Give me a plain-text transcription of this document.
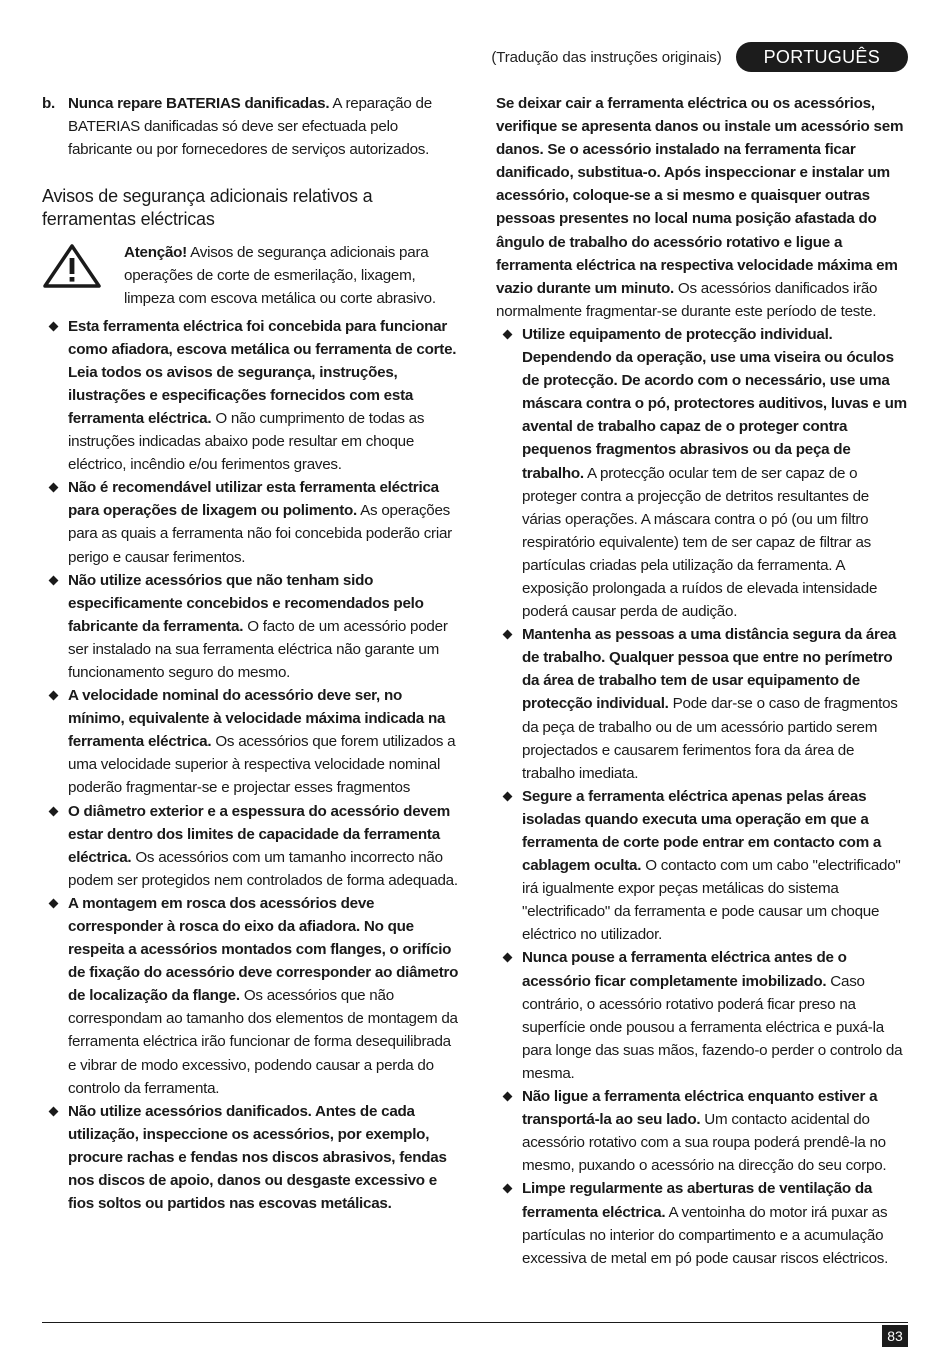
(Tradução das instruções originais)	PORTUGUÊS
b. Nunca repare BATERIAS danificadas. A reparação de BATERIAS danificadas só deve ser efectuada pelo fabricante ou por fornecedores de serviços autorizados.
Avisos de segurança adicionais relativos a ferramentas eléctricas
Atenção! Avisos de segurança adicionais para operações de corte de esmerilação, lixagem, limpeza com escova metálica ou corte abrasivo.
Esta ferramenta eléctrica foi concebida para funcionar como afiadora, escova metálica ou ferramenta de corte. Leia todos os avisos de segurança, instruções, ilustrações e especificações fornecidos com esta ferramenta eléctrica. O não cumprimento de todas as instruções indicadas abaixo pode resultar em choque eléctrico, incêndio e/ou ferimentos graves.
Não é recomendável utilizar esta ferramenta eléctrica para operações de lixagem ou polimento. As operações para as quais a ferramenta não foi concebida poderão criar perigo e causar ferimentos.
Não utilize acessórios que não tenham sido especificamente concebidos e recomendados pelo fabricante da ferramenta. O facto de um acessório poder ser instalado na sua ferramenta eléctrica não garante um funcionamento seguro do mesmo.
A velocidade nominal do acessório deve ser, no mínimo, equivalente à velocidade máxima indicada na ferramenta eléctrica. Os acessórios que forem utilizados a uma velocidade superior à respectiva velocidade nominal poderão fragmentar-se e projectar esses fragmentos
O diâmetro exterior e a espessura do acessório devem estar dentro dos limites de capacidade da ferramenta eléctrica. Os acessórios com um tamanho incorrecto não podem ser protegidos nem controlados de forma adequada.
A montagem em rosca dos acessórios deve corresponder à rosca do eixo da afiadora. No que respeita a acessórios montados com flanges, o orifício de fixação do acessório deve corresponder ao diâmetro de localização da flange. Os acessórios que não correspondam ao tamanho dos elementos de montagem da ferramenta eléctrica irão funcionar de forma desequilibrada e vibrar de modo excessivo, podendo causar a perda do controlo da ferramenta.
Não utilize acessórios danificados. Antes de cada utilização, inspeccione os acessórios, por exemplo, procure rachas e fendas nos discos abrasivos, fendas nos discos de apoio, danos ou desgaste excessivo e fios soltos ou partidos nas escovas metálicas.
Se deixar cair a ferramenta eléctrica ou os acessórios, verifique se apresenta danos ou instale um acessório sem danos. Se o acessório instalado na ferramenta ficar danificado, substitua-o. Após inspeccionar e instalar um acessório, coloque-se a si mesmo e quaisquer outras pessoas presentes no local numa posição afastada do ângulo de trabalho do acessório rotativo e ligue a ferramenta eléctrica na respectiva velocidade máxima em vazio durante um minuto. Os acessórios danificados irão normalmente fragmentar-se durante este período de teste.
Utilize equipamento de protecção individual. Dependendo da operação, use uma viseira ou óculos de protecção. De acordo com o necessário, use uma máscara contra o pó, protectores auditivos, luvas e um avental de trabalho capaz de o proteger contra pequenos fragmentos abrasivos ou da peça de trabalho. A protecção ocular tem de ser capaz de o proteger contra a projecção de detritos resultantes de várias operações. A máscara contra o pó (ou um filtro respiratório equivalente) tem de ser capaz de filtrar as partículas criadas pela utilização da ferramenta. A exposição prolongada a ruídos de elevada intensidade poderá causar perda de audição.
Mantenha as pessoas a uma distância segura da área de trabalho. Qualquer pessoa que entre no perímetro da área de trabalho tem de usar equipamento de protecção individual. Pode dar-se o caso de fragmentos da peça de trabalho ou de um acessório partido serem projectados e causarem ferimentos fora da área de trabalho imediata.
Segure a ferramenta eléctrica apenas pelas áreas isoladas quando executa uma operação em que a ferramenta de corte pode entrar em contacto com a cablagem oculta. O contacto com um cabo "electrificado" irá igualmente expor peças metálicas do sistema "electrificado" da ferramenta e pode causar um choque eléctrico no utilizador.
Nunca pouse a ferramenta eléctrica antes de o acessório ficar completamente imobilizado. Caso contrário, o acessório rotativo poderá ficar preso na superfície onde pousou a ferramenta eléctrica e puxá-la para longe das suas mãos, fazendo-o perder o controlo da mesma.
Não ligue a ferramenta eléctrica enquanto estiver a transportá-la ao seu lado. Um contacto acidental do acessório rotativo com a sua roupa poderá prendê-la no mesmo, puxando o acessório na direcção do seu corpo.
Limpe regularmente as aberturas de ventilação da ferramenta eléctrica. A ventoinha do motor irá puxar as partículas no interior do compartimento e a acumulação excessiva de metal em pó pode causar riscos eléctricos.
83
